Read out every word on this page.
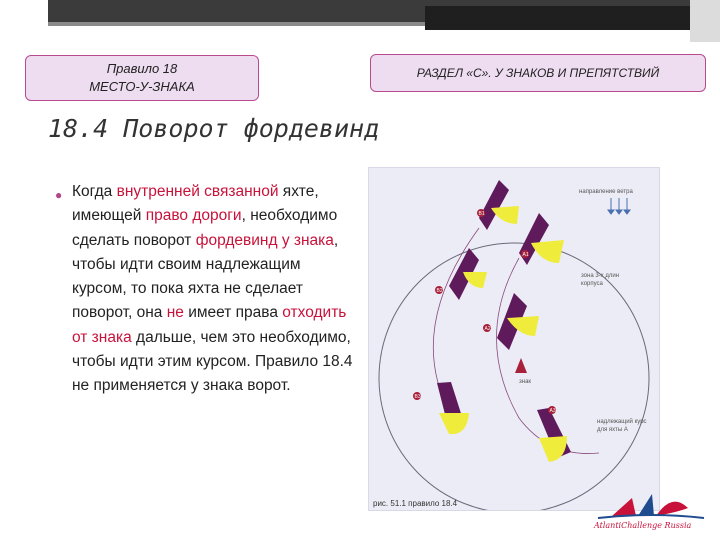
Правило 18
МЕСТО-У-ЗНАКА
РАЗДЕЛ «С». У ЗНАКОВ И ПРЕПЯТСТВИЙ
18.4 Поворот фордевинд
● Когда внутренней связанной яхте, имеющей право дороги, необходимо сделать поворот фордевинд у знака, чтобы идти своим надлежащим курсом, то пока яхта не сделает поворот, она не имеет права отходить от знака дальше, чем это необходимо, чтобы идти этим курсом. Правило 18.4 не применяется у знака ворот.
B1
A1
B2
A2
B3
A3
направление ветра
зона 3-х длин
корпуса
знак
надлежащий курс
для яхты А
рис. 51.1 правило 18.4
AtlantiChallenge Russia
